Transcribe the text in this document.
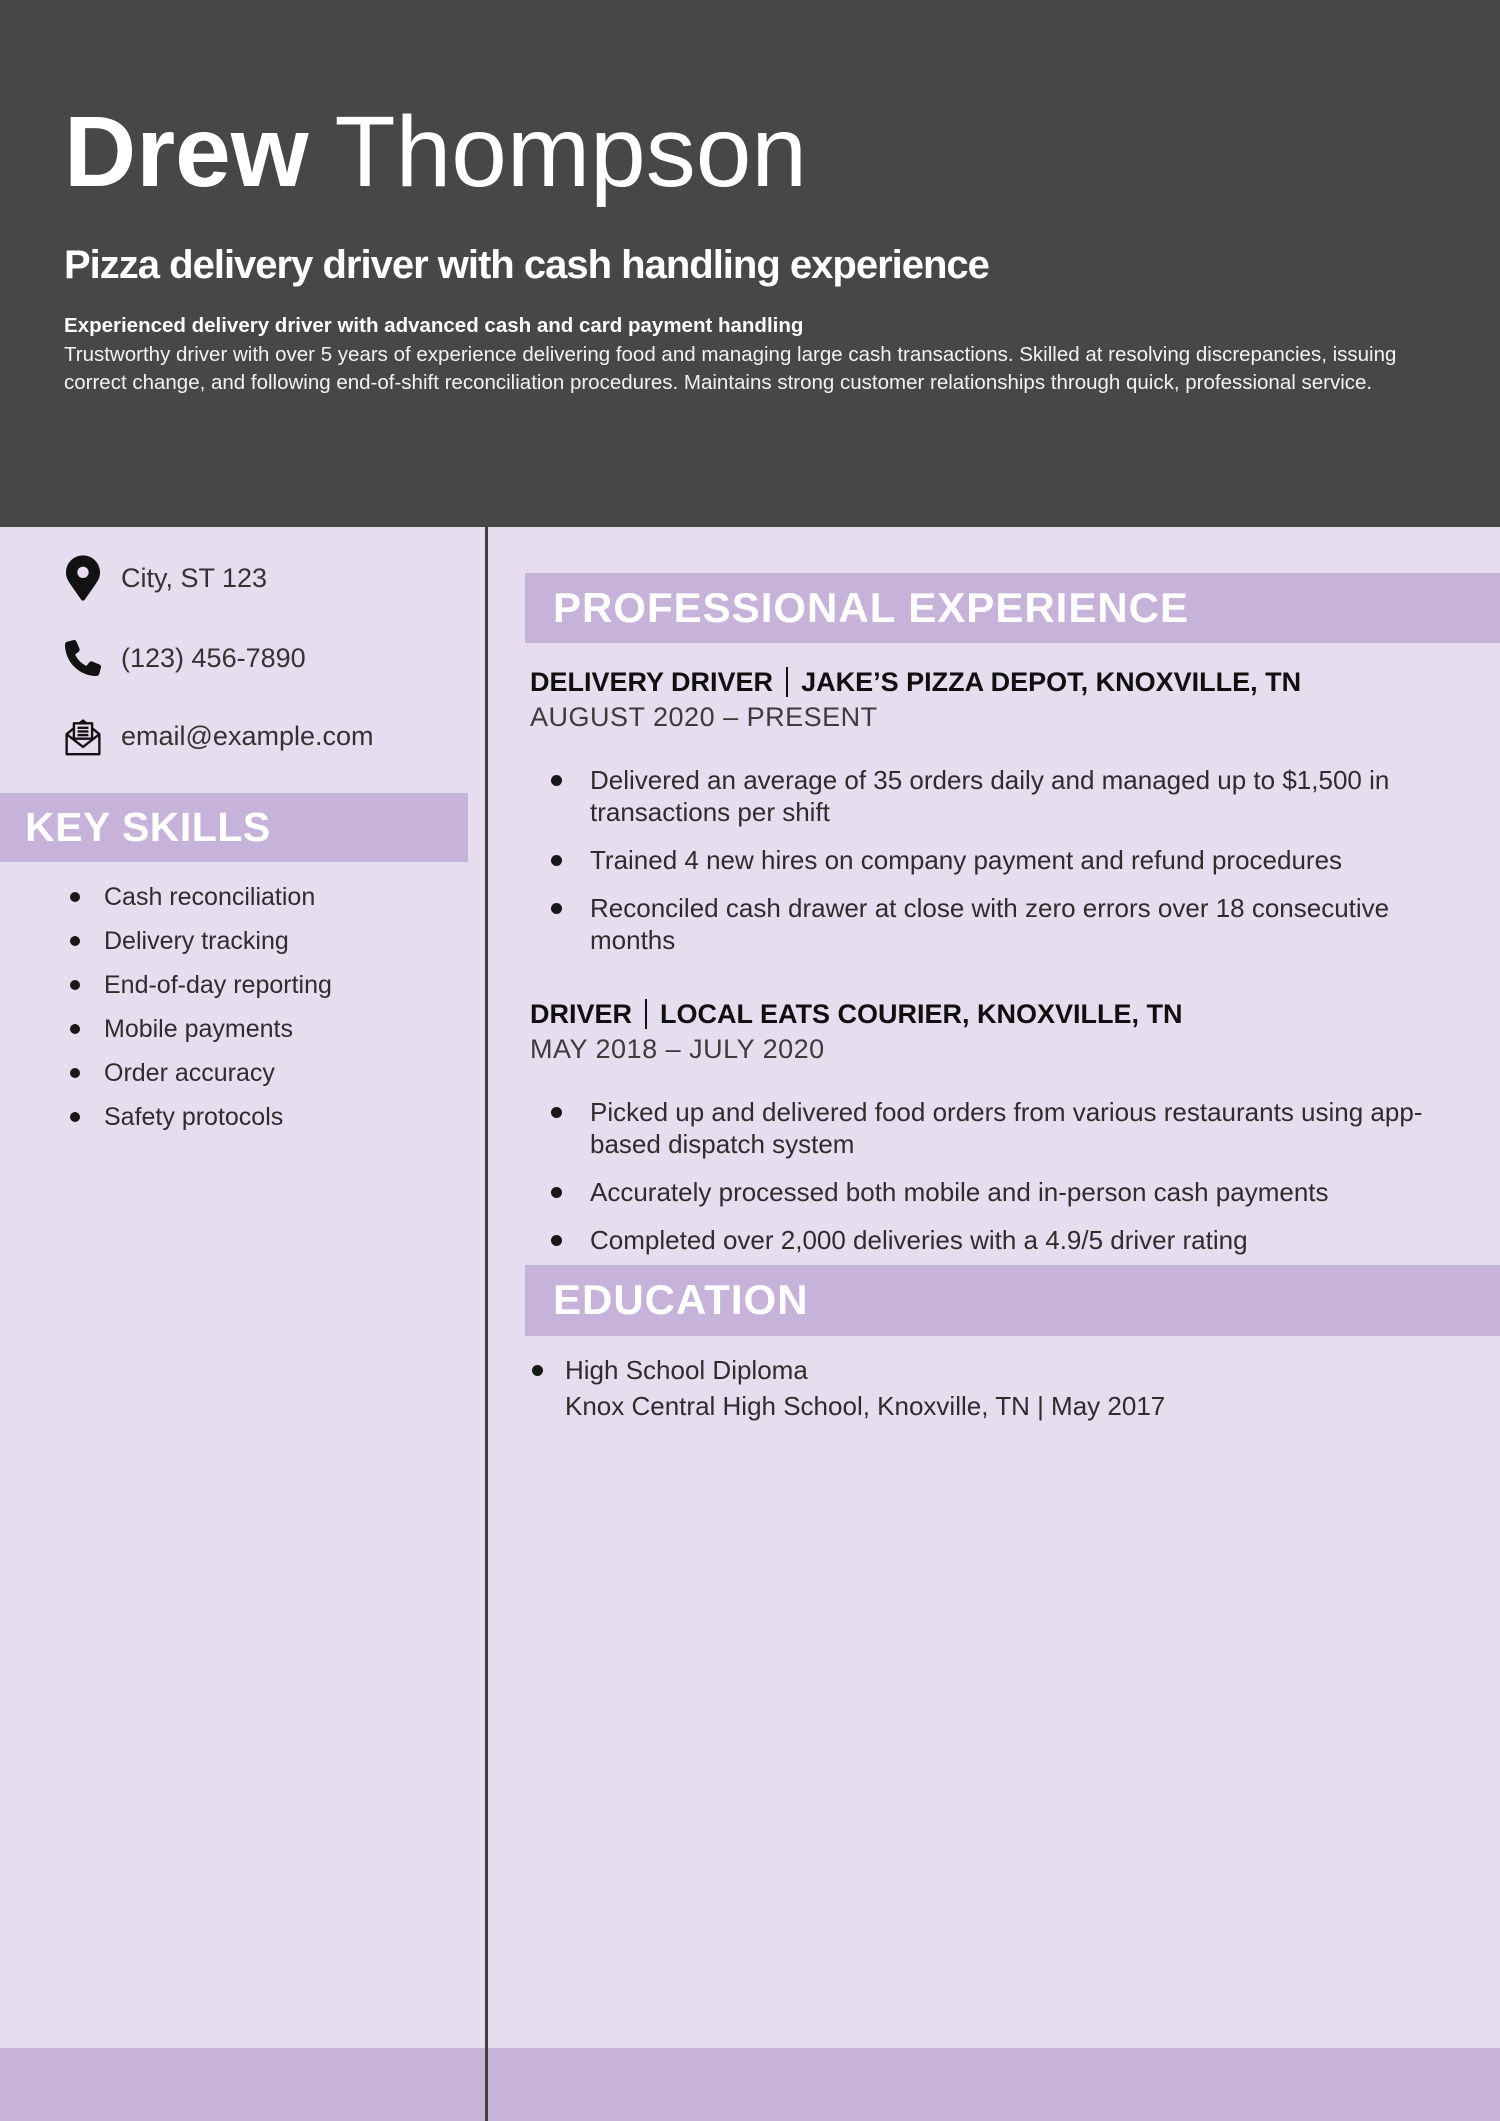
Drew Thompson
Pizza delivery driver with cash handling experience

Experienced delivery driver with advanced cash and card payment handling

Trustworthy driver with over 5 years of experience delivering food and managing large cash transactions. Skilled at resolving discrepancies, issuing correct change, and following end-of-shift reconciliation procedures. Maintains strong customer relationships through quick, professional service.

City, ST 123
(123) 456-7890
email@example.com
KEY SKILLS
Cash reconciliation
Delivery tracking
End-of-day reporting
Mobile payments
Order accuracy
Safety protocols
PROFESSIONAL EXPERIENCE
DELIVERY DRIVER JAKE’S PIZZA DEPOT, KNOXVILLE, TN

AUGUST 2020 – PRESENT

Delivered an average of 35 orders daily and managed up to $1,500 in transactions per shift
Trained 4 new hires on company payment and refund procedures
Reconciled cash drawer at close with zero errors over 18 consecutive months
DRIVER LOCAL EATS COURIER, KNOXVILLE, TN

MAY 2018 – JULY 2020

Picked up and delivered food orders from various restaurants using app-based dispatch system
Accurately processed both mobile and in-person cash payments
Completed over 2,000 deliveries with a 4.9/5 driver rating
EDUCATION
High School Diploma
Knox Central High School, Knoxville, TN | May 2017
